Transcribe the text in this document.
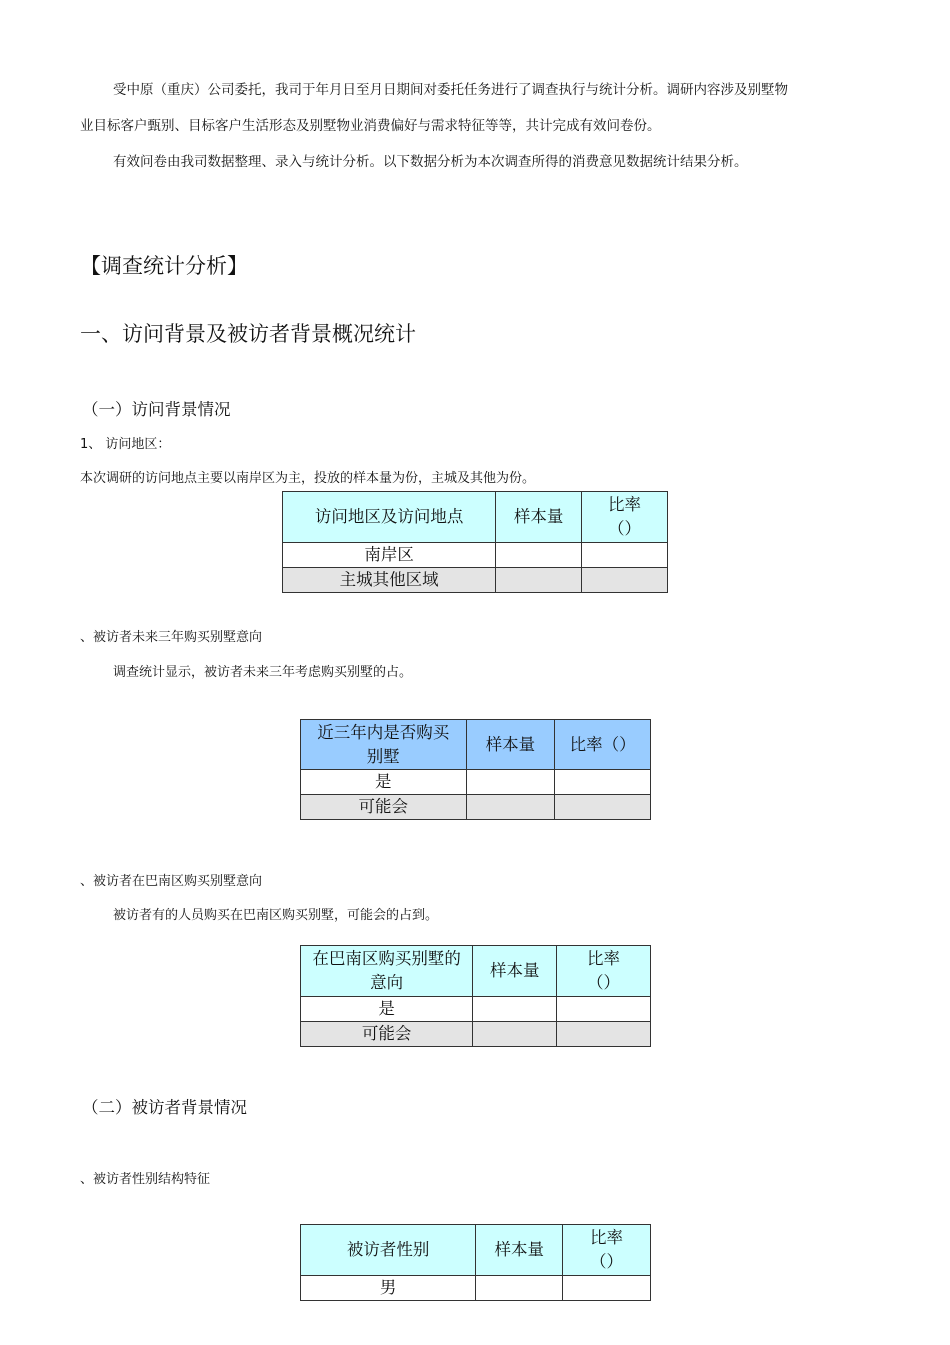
受中原（重庆）公司委托，我司于年月日至月日期间对委托任务进行了调查执行与统计分析。调研内容涉及别墅物业目标客户甄别、目标客户生活形态及别墅物业消费偏好与需求特征等等，共计完成有效问卷份。

有效问卷由我司数据整理、录入与统计分析。以下数据分析为本次调查所得的消费意见数据统计结果分析。

【调查统计分析】
一、访问背景及被访者背景概况统计
（一）访问背景情况

1、 访问地区：

本次调研的访问地点主要以南岸区为主，投放的样本量为份，主城及其他为份。

访问地区及访问地点	样本量	比率（）
南岸区		
主城其他区域		

、被访者未来三年购买别墅意向

调查统计显示，被访者未来三年考虑购买别墅的占。

近三年内是否购买别墅	样本量	比率（）
是		
可能会		

、被访者在巴南区购买别墅意向

被访者有的人员购买在巴南区购买别墅，可能会的占到。

在巴南区购买别墅的意向	样本量	比率（）
是		
可能会		
（二）被访者背景情况

、被访者性别结构特征

被访者性别	样本量	比率（）
男		
